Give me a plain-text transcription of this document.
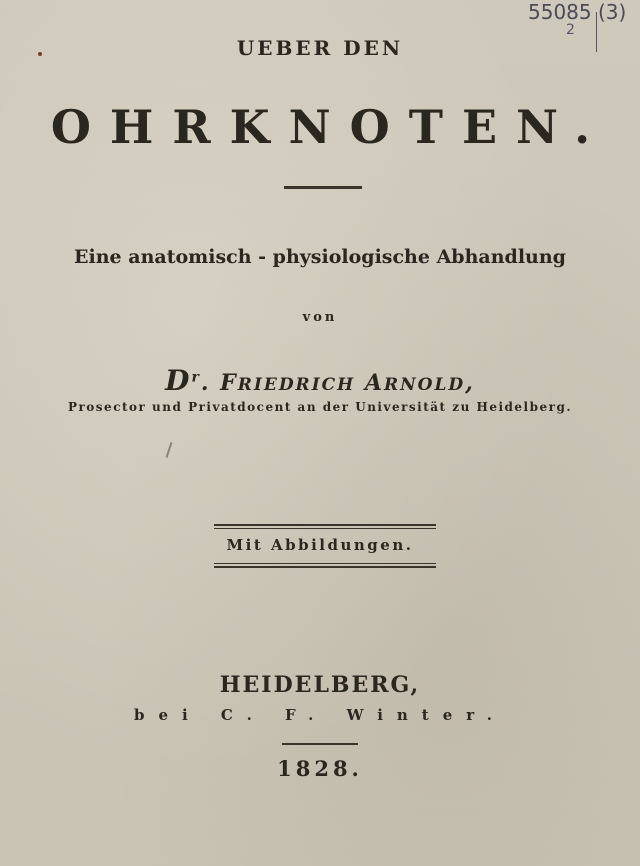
55085 (3)
2
UEBER DEN
OHRKNOTEN.
Eine anatomisch - physiologische Abhandlung
von
$D^r$. FRIEDRICH ARNOLD,
Prosector und Privatdocent an der Universität zu Heidelberg.
Mit Abbildungen.
HEIDELBERG,
bei C. F. Winter.
1828.
